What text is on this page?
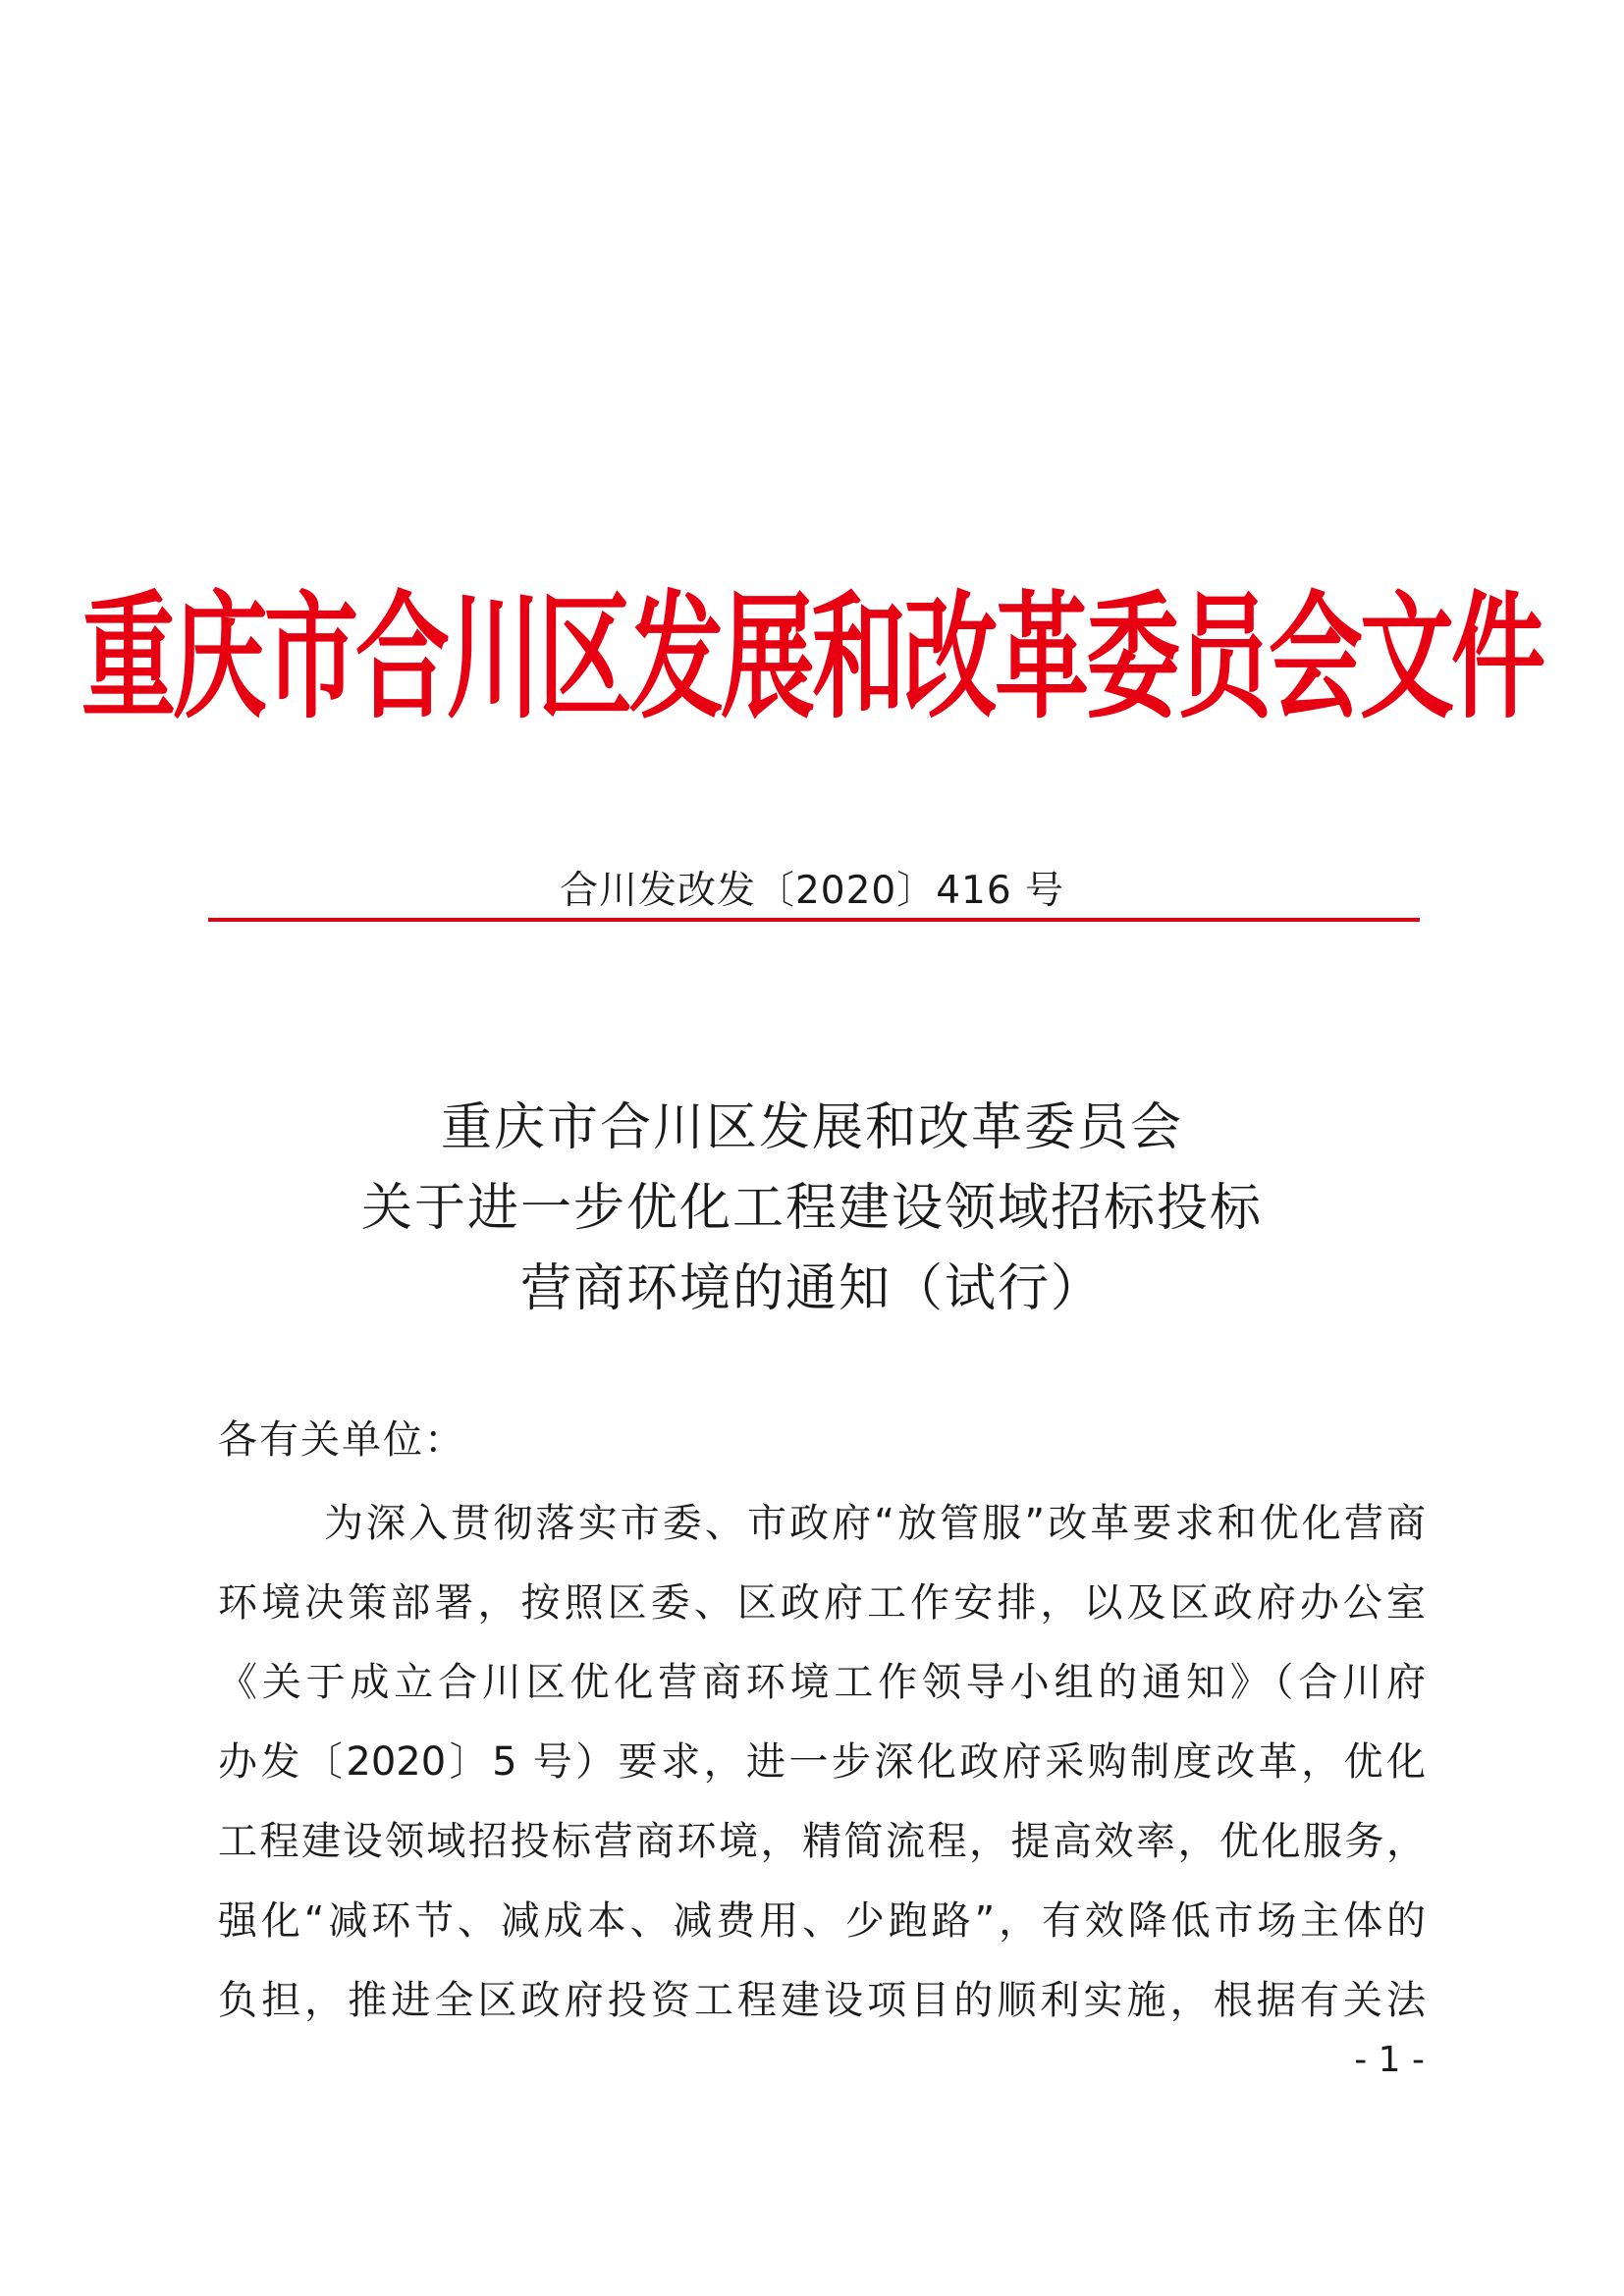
重庆市合川区发展和改革委员会文件
合川发改发〔2020〕416 号
重庆市合川区发展和改革委员会
关于进一步优化工程建设领域招标投标
营商环境的通知（试行）
各有关单位：
为深入贯彻落实市委、市政府“放管服”改革要求和优化营商
环境决策部署，按照区委、区政府工作安排，以及区政府办公室
《关于成立合川区优化营商环境工作领导小组的通知》（合川府
办发〔2020〕5 号）要求，进一步深化政府采购制度改革，优化
工程建设领域招投标营商环境，精简流程，提高效率，优化服务，
强化“减环节、减成本、减费用、少跑路”，有效降低市场主体的
负担，推进全区政府投资工程建设项目的顺利实施，根据有关法
- 1 -
